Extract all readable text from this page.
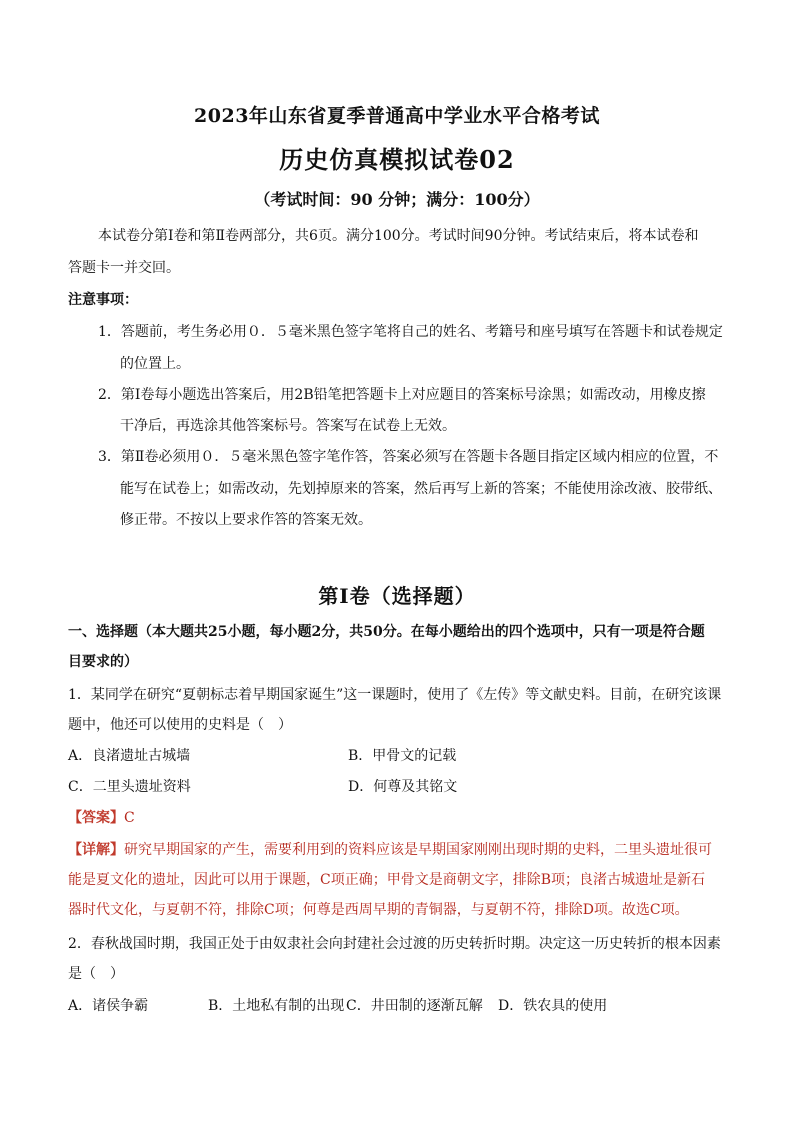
2023年山东省夏季普通高中学业水平合格考试
历史仿真模拟试卷02
（考试时间：90 分钟；满分：100分）
本试卷分第Ⅰ卷和第Ⅱ卷两部分，共6页。满分100分。考试时间90分钟。考试结束后，将本试卷和
答题卡一并交回。
注意事项：
1．答题前，考生务必用０．５毫米黑色签字笔将自己的姓名、考籍号和座号填写在答题卡和试卷规定
的位置上。
2．第Ⅰ卷每小题选出答案后，用2B铅笔把答题卡上对应题目的答案标号涂黑；如需改动，用橡皮擦
干净后，再选涂其他答案标号。答案写在试卷上无效。
3．第Ⅱ卷必须用０．５毫米黑色签字笔作答，答案必须写在答题卡各题目指定区域内相应的位置，不
能写在试卷上；如需改动，先划掉原来的答案，然后再写上新的答案；不能使用涂改液、胶带纸、
修正带。不按以上要求作答的答案无效。
第Ⅰ卷（选择题）
一、选择题（本大题共25小题，每小题2分，共50分。在每小题给出的四个选项中，只有一项是符合题
目要求的）
1．某同学在研究“夏朝标志着早期国家诞生”这一课题时，使用了《左传》等文献史料。目前，在研究该课
题中，他还可以使用的史料是（　）
A．良渚遗址古城墙	B．甲骨文的记载
C．二里头遗址资料	D．何尊及其铭文
【答案】C
【详解】研究早期国家的产生，需要利用到的资料应该是早期国家刚刚出现时期的史料，二里头遗址很可
能是夏文化的遗址，因此可以用于课题，C项正确；甲骨文是商朝文字，排除B项；良渚古城遗址是新石
器时代文化，与夏朝不符，排除C项；何尊是西周早期的青铜器，与夏朝不符，排除D项。故选C项。
2．春秋战国时期，我国正处于由奴隶社会向封建社会过渡的历史转折时期。决定这一历史转折的根本因素
是（　）
A．诸侯争霸	B．土地私有制的出现 C．井田制的逐渐瓦解 D．铁农具的使用
